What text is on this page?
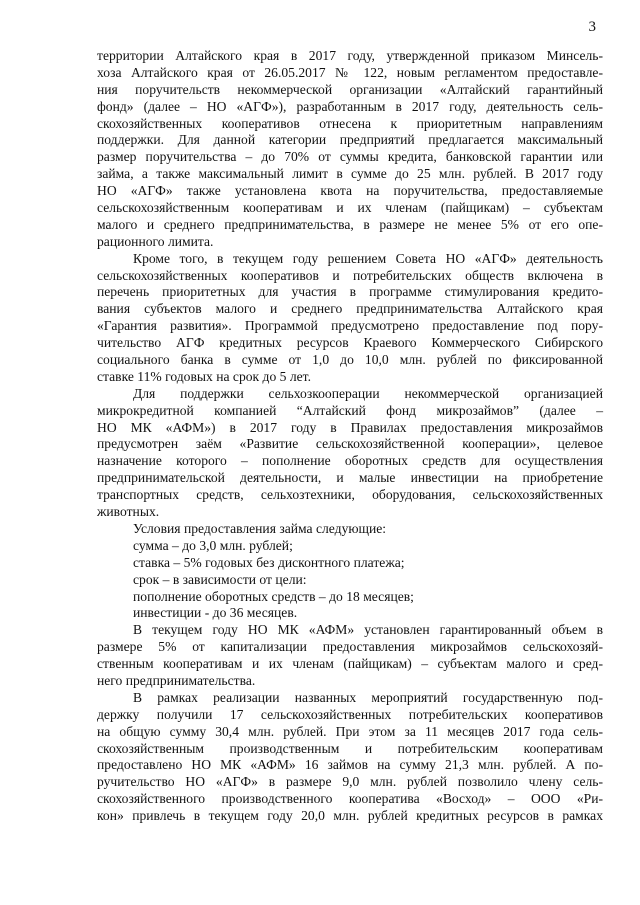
3
территории Алтайского края в 2017 году, утвержденной приказом Минсель-
хоза Алтайского края от 26.05.2017 № 122, новым регламентом предоставле-
ния поручительств некоммерческой организации «Алтайский гарантийный
фонд» (далее – НО «АГФ»), разработанным в 2017 году, деятельность сель-
скохозяйственных кооперативов отнесена к приоритетным направлениям
поддержки. Для данной категории предприятий предлагается максимальный
размер поручительства – до 70% от суммы кредита, банковской гарантии или
займа, а также максимальный лимит в сумме до 25 млн. рублей. В 2017 году
НО «АГФ» также установлена квота на поручительства, предоставляемые
сельскохозяйственным кооперативам и их членам (пайщикам) – субъектам
малого и среднего предпринимательства, в размере не менее 5% от его опе-
рационного лимита.
Кроме того, в текущем году решением Совета НО «АГФ» деятельность
сельскохозяйственных кооперативов и потребительских обществ включена в
перечень приоритетных для участия в программе стимулирования кредито-
вания субъектов малого и среднего предпринимательства Алтайского края
«Гарантия развития». Программой предусмотрено предоставление под пору-
чительство АГФ кредитных ресурсов Краевого Коммерческого Сибирского
социального банка в сумме от 1,0 до 10,0 млн. рублей по фиксированной
ставке 11% годовых на срок до 5 лет.
Для поддержки сельхозкооперации некоммерческой организацией
микрокредитной компанией “Алтайский фонд микрозаймов” (далее –
НО МК «АФМ») в 2017 году в Правилах предоставления микрозаймов
предусмотрен заём «Развитие сельскохозяйственной кооперации», целевое
назначение которого – пополнение оборотных средств для осуществления
предпринимательской деятельности, и малые инвестиции на приобретение
транспортных средств, сельхозтехники, оборудования, сельскохозяйственных
животных.
Условия предоставления займа следующие:
сумма – до 3,0 млн. рублей;
ставка – 5% годовых без дисконтного платежа;
срок – в зависимости от цели:
пополнение оборотных средств – до 18 месяцев;
инвестиции - до 36 месяцев.
В текущем году НО МК «АФМ» установлен гарантированный объем в
размере 5% от капитализации предоставления микрозаймов сельскохозяй-
ственным кооперативам и их членам (пайщикам) – субъектам малого и сред-
него предпринимательства.
В рамках реализации названных мероприятий государственную под-
держку получили 17 сельскохозяйственных потребительских кооперативов
на общую сумму 30,4 млн. рублей. При этом за 11 месяцев 2017 года сель-
скохозяйственным производственным и потребительским кооперативам
предоставлено НО МК «АФМ» 16 займов на сумму 21,3 млн. рублей. А по-
ручительство НО «АГФ» в размере 9,0 млн. рублей позволило члену сель-
скохозяйственного производственного кооператива «Восход» – ООО «Ри-
кон» привлечь в текущем году 20,0 млн. рублей кредитных ресурсов в рамках
